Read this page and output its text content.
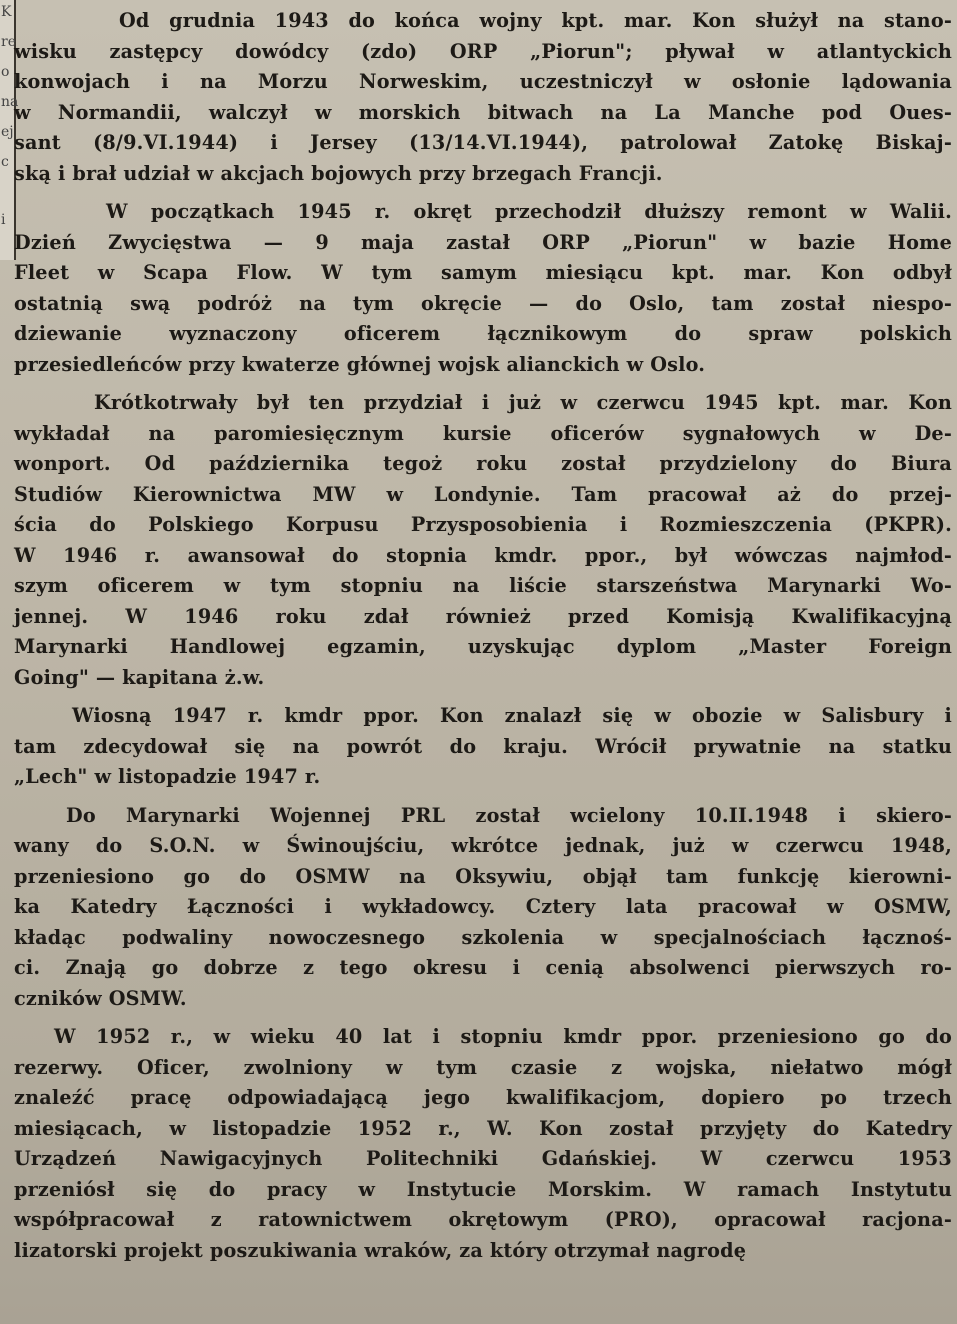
K
re
o
na
ej
c
i
Od grudnia 1943 do końca wojny kpt. mar. Kon służył na stano-
wisku zastępcy dowódcy (zdo) ORP „Piorun"; pływał w atlantyckich
konwojach i na Morzu Norweskim, uczestniczył w osłonie lądowania
w Normandii, walczył w morskich bitwach na La Manche pod Oues-
sant (8/9.VI.1944) i Jersey (13/14.VI.1944), patrolował Zatokę Biskaj-
ską i brał udział w akcjach bojowych przy brzegach Francji.
W początkach 1945 r. okręt przechodził dłuższy remont w Walii.
Dzień Zwycięstwa — 9 maja zastał ORP „Piorun" w bazie Home
Fleet w Scapa Flow. W tym samym miesiącu kpt. mar. Kon odbył
ostatnią swą podróż na tym okręcie — do Oslo, tam został niespo-
dziewanie wyznaczony oficerem łącznikowym do spraw polskich
przesiedleńców przy kwaterze głównej wojsk alianckich w Oslo.
Krótkotrwały był ten przydział i już w czerwcu 1945 kpt. mar. Kon
wykładał na paromiesięcznym kursie oficerów sygnałowych w De-
wonport. Od października tegoż roku został przydzielony do Biura
Studiów Kierownictwa MW w Londynie. Tam pracował aż do przej-
ścia do Polskiego Korpusu Przysposobienia i Rozmieszczenia (PKPR).
W 1946 r. awansował do stopnia kmdr. ppor., był wówczas najmłod-
szym oficerem w tym stopniu na liście starszeństwa Marynarki Wo-
jennej. W 1946 roku zdał również przed Komisją Kwalifikacyjną
Marynarki Handlowej egzamin, uzyskując dyplom „Master Foreign
Going" — kapitana ż.w.
Wiosną 1947 r. kmdr ppor. Kon znalazł się w obozie w Salisbury i
tam zdecydował się na powrót do kraju. Wrócił prywatnie na statku
„Lech" w listopadzie 1947 r.
Do Marynarki Wojennej PRL został wcielony 10.II.1948 i skiero-
wany do S.O.N. w Świnoujściu, wkrótce jednak, już w czerwcu 1948,
przeniesiono go do OSMW na Oksywiu, objął tam funkcję kierowni-
ka Katedry Łączności i wykładowcy. Cztery lata pracował w OSMW,
kładąc podwaliny nowoczesnego szkolenia w specjalnościach łącznoś-
ci. Znają go dobrze z tego okresu i cenią absolwenci pierwszych ro-
czników OSMW.
W 1952 r., w wieku 40 lat i stopniu kmdr ppor. przeniesiono go do
rezerwy. Oficer, zwolniony w tym czasie z wojska, niełatwo mógł
znaleźć pracę odpowiadającą jego kwalifikacjom, dopiero po trzech
miesiącach, w listopadzie 1952 r., W. Kon został przyjęty do Katedry
Urządzeń Nawigacyjnych Politechniki Gdańskiej. W czerwcu 1953
przeniósł się do pracy w Instytucie Morskim. W ramach Instytutu
współpracował z ratownictwem okrętowym (PRO), opracował racjona-
lizatorski projekt poszukiwania wraków, za który otrzymał nagrodę
